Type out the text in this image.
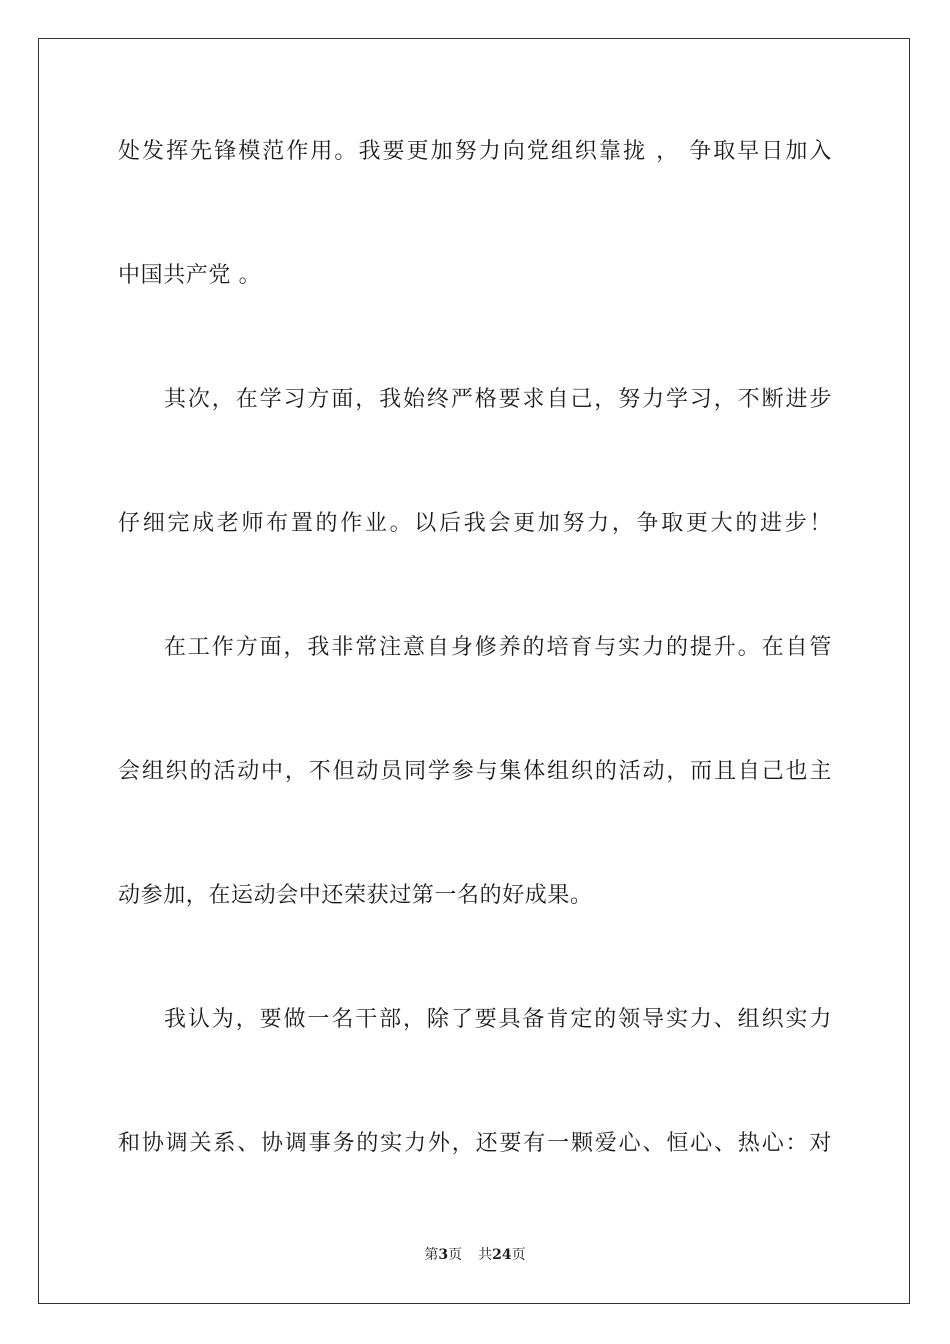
处发挥先锋模范作用。我要更加努力向党组织靠拢 ， 争取早日加入
中国共产党 。
其次，在学习方面，我始终严格要求自己，努力学习，不断进步
仔细完成老师布置的作业。以后我会更加努力，争取更大的进步！
在工作方面，我非常注意自身修养的培育与实力的提升。在自管
会组织的活动中，不但动员同学参与集体组织的活动，而且自己也主
动参加，在运动会中还荣获过第一名的好成果。
我认为，要做一名干部，除了要具备肯定的领导实力、组织实力
和协调关系、协调事务的实力外，还要有一颗爱心、恒心、热心：对
第3页 共24页
